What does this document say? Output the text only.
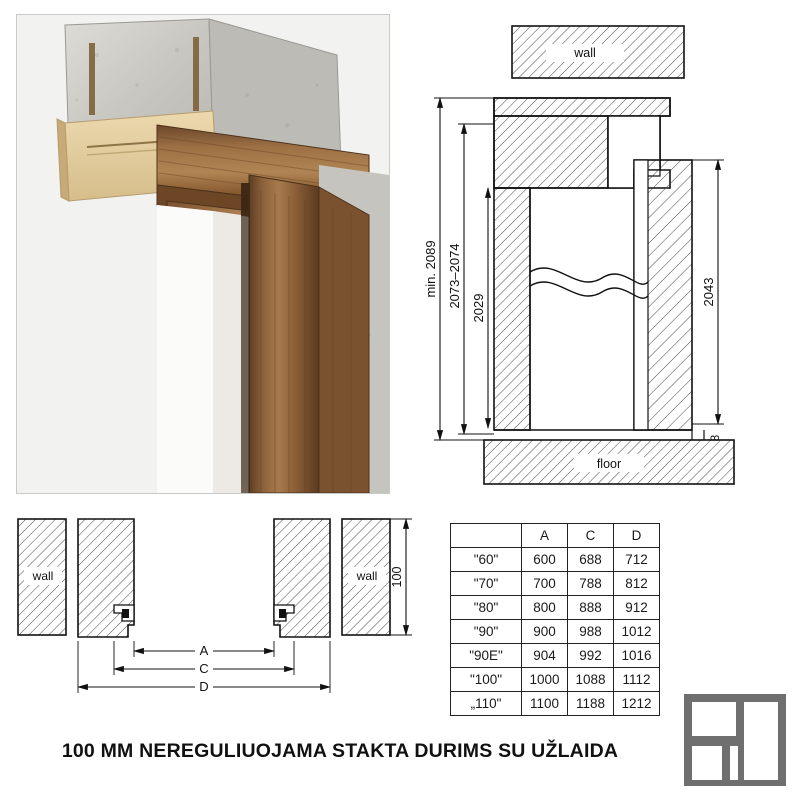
wall
floor
8
min. 2089 2073–2074 2029
2043
wall	wall 100
A
C
D
	A	C	D
"60"	600	688	712
"70"	700	788	812
"80"	800	888	912
"90"	900	988	1012
"90E"	904	992	1016
"100"	1000	1088	1112
„110"	1100	1188	1212
100 MM NEREGULIUOJAMA STAKTA DURIMS SU UŽLAIDA
